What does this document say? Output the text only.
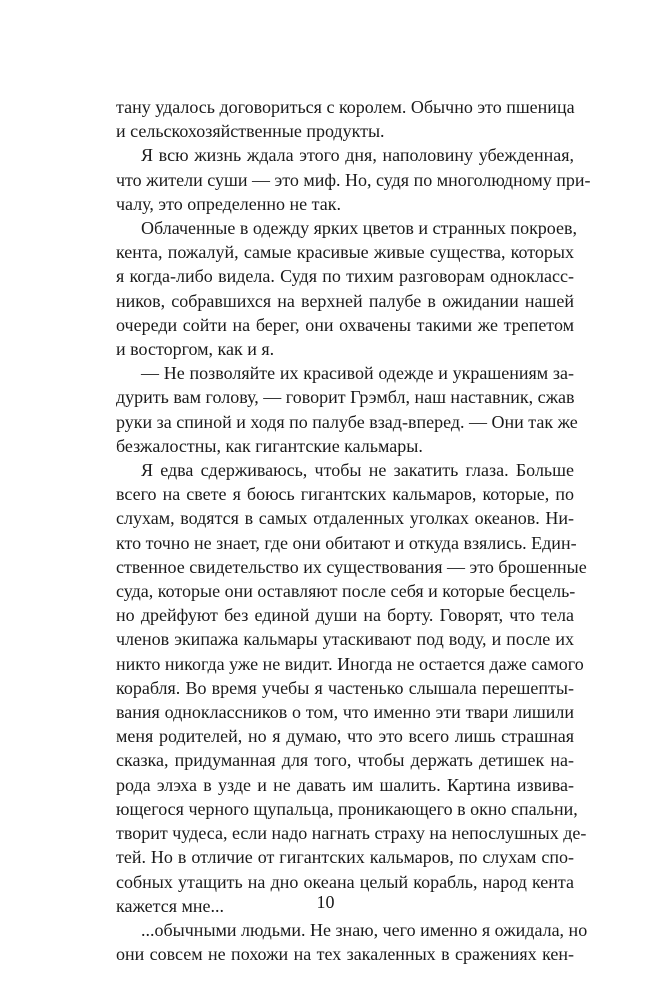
тану удалось договориться с королем. Обычно это пшеница
и сельскохозяйственные продукты.
Я всю жизнь ждала этого дня, наполовину убежденная,
что жители суши — это миф. Но, судя по многолюдному при-
чалу, это определенно не так.
Облаченные в одежду ярких цветов и странных покроев,
кента, пожалуй, самые красивые живые существа, которых
я когда-либо видела. Судя по тихим разговорам однокласс-
ников, собравшихся на верхней палубе в ожидании нашей
очереди сойти на берег, они охвачены такими же трепетом
и восторгом, как и я.
— Не позволяйте их красивой одежде и украшениям за-
дурить вам голову, — говорит Грэмбл, наш наставник, сжав
руки за спиной и ходя по палубе взад-вперед. — Они так же
безжалостны, как гигантские кальмары.
Я едва сдерживаюсь, чтобы не закатить глаза. Больше
всего на свете я боюсь гигантских кальмаров, которые, по
слухам, водятся в самых отдаленных уголках океанов. Ни-
кто точно не знает, где они обитают и откуда взялись. Един-
ственное свидетельство их существования — это брошенные
суда, которые они оставляют после себя и которые бесцель-
но дрейфуют без единой души на борту. Говорят, что тела
членов экипажа кальмары утаскивают под воду, и после их
никто никогда уже не видит. Иногда не остается даже самого
корабля. Во время учебы я частенько слышала перешепты-
вания одноклассников о том, что именно эти твари лишили
меня родителей, но я думаю, что это всего лишь страшная
сказка, придуманная для того, чтобы держать детишек на-
рода элэха в узде и не давать им шалить. Картина извива-
ющегося черного щупальца, проникающего в окно спальни,
творит чудеса, если надо нагнать страху на непослушных де-
тей. Но в отличие от гигантских кальмаров, по слухам спо-
собных утащить на дно океана целый корабль, народ кента
кажется мне...
...обычными людьми. Не знаю, чего именно я ожидала, но
они совсем не похожи на тех закаленных в сражениях кен-
10
